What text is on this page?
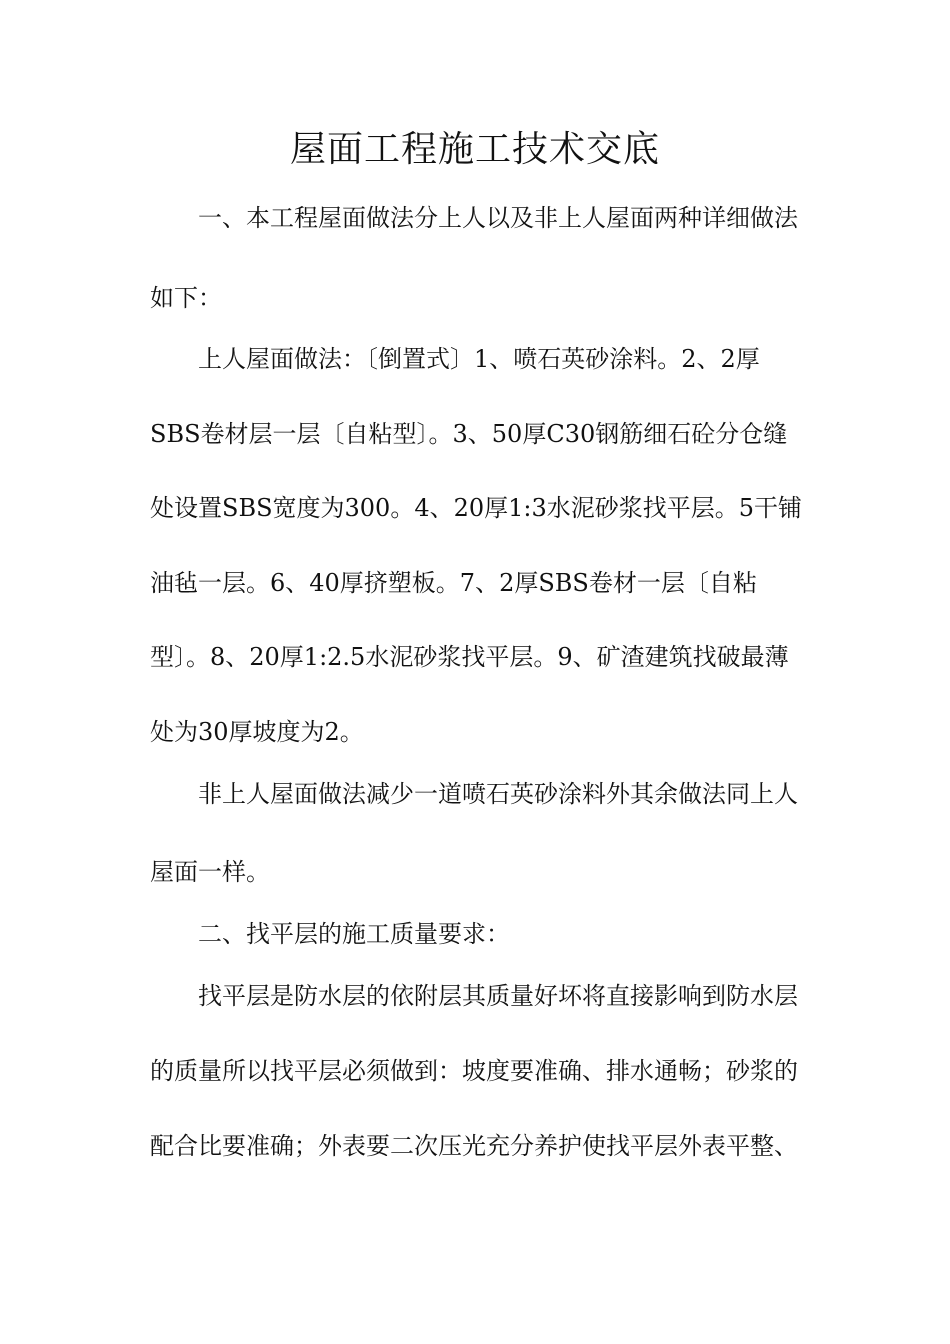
屋面工程施工技术交底
一、本工程屋面做法分上人以及非上人屋面两种详细做法
如下：
上人屋面做法：〔倒置式〕1、喷石英砂涂料。2、2厚
SBS卷材层一层〔自粘型〕。3、50厚C30钢筋细石砼分仓缝
处设置SBS宽度为300。4、20厚1:3水泥砂浆找平层。5干铺
油毡一层。6、40厚挤塑板。7、2厚SBS卷材一层〔自粘
型〕。8、20厚1:2.5水泥砂浆找平层。9、矿渣建筑找破最薄
处为30厚坡度为2。
非上人屋面做法减少一道喷石英砂涂料外其余做法同上人
屋面一样。
二、找平层的施工质量要求：
找平层是防水层的依附层其质量好坏将直接影响到防水层
的质量所以找平层必须做到：坡度要准确、排水通畅；砂浆的
配合比要准确；外表要二次压光充分养护使找平层外表平整、
